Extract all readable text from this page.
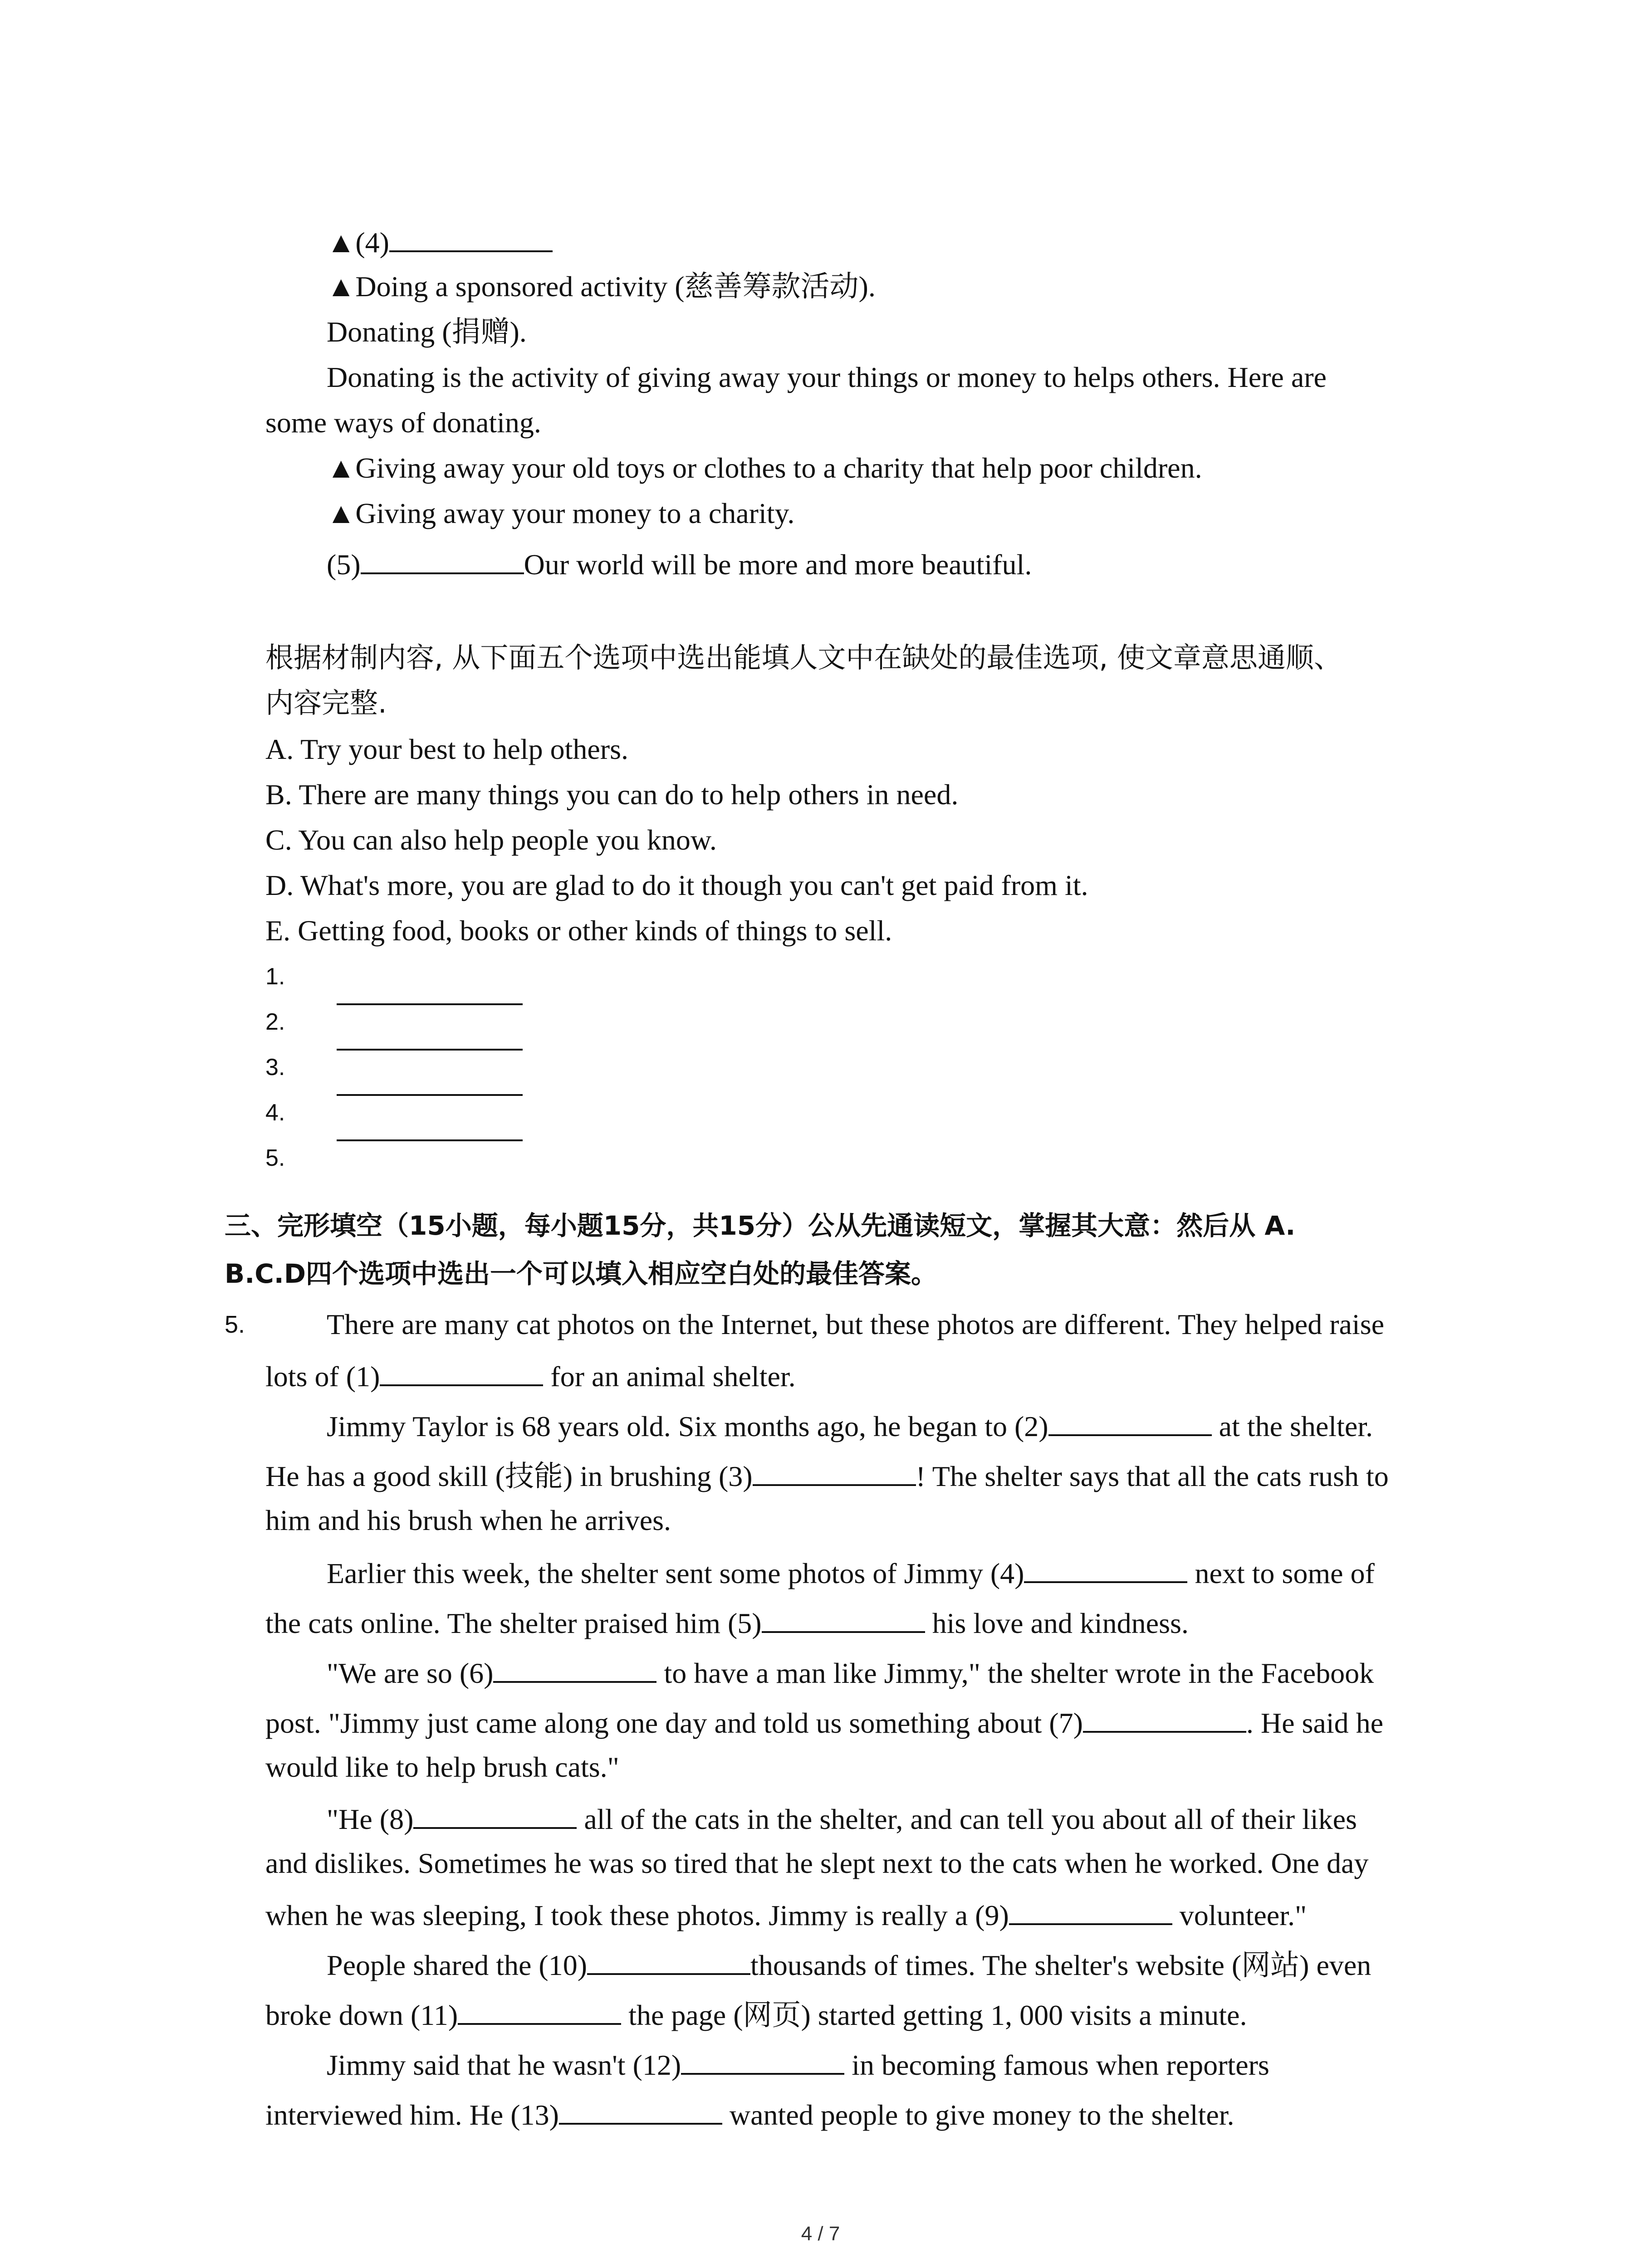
▲(4)
▲Doing a sponsored activity (慈善筹款活动).
Donating (捐赠).
Donating is the activity of giving away your things or money to helps others. Here are
some ways of donating.
▲Giving away your old toys or clothes to a charity that help poor children.
▲Giving away your money to a charity.
(5)	Our world will be more and more beautiful.
根据材制内容, 从下面五个选项中选出能填人文中在缺处的最佳选项, 使文章意思通顺、
内容完整.
A. Try your best to help others.
B. There are many things you can do to help others in need.
C. You can also help people you know.
D. What's more, you are glad to do it though you can't get paid from it.
E. Getting food, books or other kinds of things to sell.
1.
2.
3.
4.
5.
三、完形填空（15小题，每小题15分，共15分）公从先通读短文，掌握其大意：然后从 A.
B.C.D四个选项中选出一个可以填入相应空白处的最佳答案。
5.	There are many cat photos on the Internet, but these photos are different. They helped raise
lots of (1)	for an animal shelter.
Jimmy Taylor is 68 years old. Six months ago, he began to (2)	at the shelter.
He has a good skill (技能) in brushing (3)	! The shelter says that all the cats rush to
him and his brush when he arrives.
Earlier this week, the shelter sent some photos of Jimmy (4)	next to some of
the cats online. The shelter praised him (5)	his love and kindness.
"We are so (6)	to have a man like Jimmy," the shelter wrote in the Facebook
post. "Jimmy just came along one day and told us something about (7)	. He said he
would like to help brush cats."
"He (8)	all of the cats in the shelter, and can tell you about all of their likes
and dislikes. Sometimes he was so tired that he slept next to the cats when he worked. One day
when he was sleeping, I took these photos. Jimmy is really a (9)	volunteer."
People shared the (10)	thousands of times. The shelter's website (网站) even
broke down (11)	the page (网页) started getting 1, 000 visits a minute.
Jimmy said that he wasn't (12)	in becoming famous when reporters
interviewed him. He (13)	wanted people to give money to the shelter.
4 / 7
